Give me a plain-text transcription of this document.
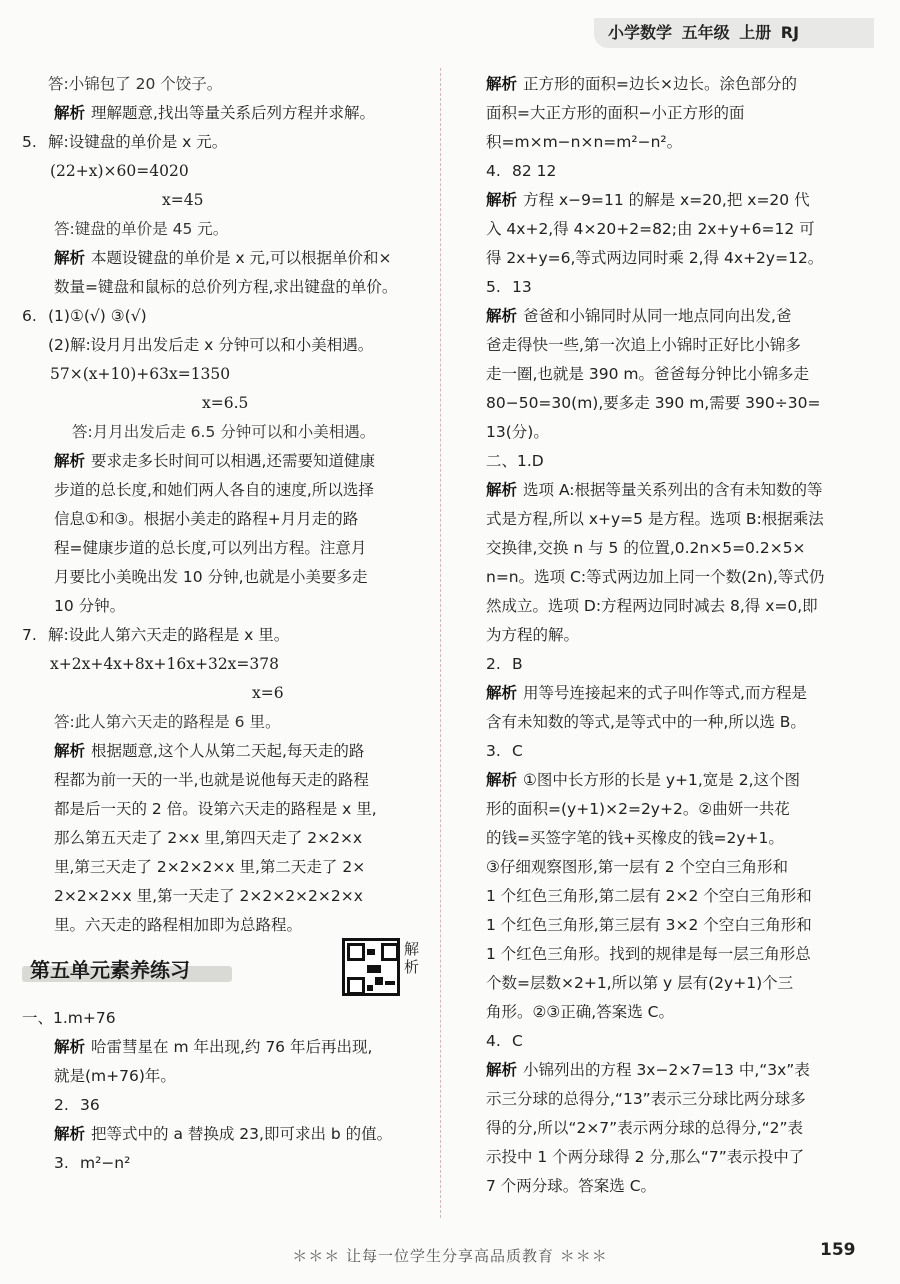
小学数学 五年级 上册 RJ
答:小锦包了 20 个饺子。
解析 理解题意,找出等量关系后列方程并求解。
5. 解:设键盘的单价是 x 元。
(22+x)×60=4020
x=45
答:键盘的单价是 45 元。
解析 本题设键盘的单价是 x 元,可以根据单价和×
数量=键盘和鼠标的总价列方程,求出键盘的单价。
6. (1)①(√) ③(√)
(2)解:设月月出发后走 x 分钟可以和小美相遇。
57×(x+10)+63x=1350
x=6.5
答:月月出发后走 6.5 分钟可以和小美相遇。
解析 要求走多长时间可以相遇,还需要知道健康
步道的总长度,和她们两人各自的速度,所以选择
信息①和③。根据小美走的路程+月月走的路
程=健康步道的总长度,可以列出方程。注意月
月要比小美晚出发 10 分钟,也就是小美要多走
10 分钟。
7. 解:设此人第六天走的路程是 x 里。
x+2x+4x+8x+16x+32x=378
x=6
答:此人第六天走的路程是 6 里。
解析 根据题意,这个人从第二天起,每天走的路
程都为前一天的一半,也就是说他每天走的路程
都是后一天的 2 倍。设第六天走的路程是 x 里,
那么第五天走了 2×x 里,第四天走了 2×2×x
里,第三天走了 2×2×2×x 里,第二天走了 2×
2×2×2×x 里,第一天走了 2×2×2×2×2×x
里。六天走的路程相加即为总路程。
第五单元素养练习
解析
一、1.m+76
解析 哈雷彗星在 m 年出现,约 76 年后再出现,
就是(m+76)年。
2. 36
解析 把等式中的 a 替换成 23,即可求出 b 的值。
3. m²−n²
解析 正方形的面积=边长×边长。涂色部分的
面积=大正方形的面积−小正方形的面
积=m×m−n×n=m²−n²。
4. 82 12
解析 方程 x−9=11 的解是 x=20,把 x=20 代
入 4x+2,得 4×20+2=82;由 2x+y+6=12 可
得 2x+y=6,等式两边同时乘 2,得 4x+2y=12。
5. 13
解析 爸爸和小锦同时从同一地点同向出发,爸
爸走得快一些,第一次追上小锦时正好比小锦多
走一圈,也就是 390 m。爸爸每分钟比小锦多走
80−50=30(m),要多走 390 m,需要 390÷30=
13(分)。
二、1.D
解析 选项 A:根据等量关系列出的含有未知数的等
式是方程,所以 x+y=5 是方程。选项 B:根据乘法
交换律,交换 n 与 5 的位置,0.2n×5=0.2×5×
n=n。选项 C:等式两边加上同一个数(2n),等式仍
然成立。选项 D:方程两边同时减去 8,得 x=0,即
为方程的解。
2. B
解析 用等号连接起来的式子叫作等式,而方程是
含有未知数的等式,是等式中的一种,所以选 B。
3. C
解析 ①图中长方形的长是 y+1,宽是 2,这个图
形的面积=(y+1)×2=2y+2。②曲妍一共花
的钱=买签字笔的钱+买橡皮的钱=2y+1。
③仔细观察图形,第一层有 2 个空白三角形和
1 个红色三角形,第二层有 2×2 个空白三角形和
1 个红色三角形,第三层有 3×2 个空白三角形和
1 个红色三角形。找到的规律是每一层三角形总
个数=层数×2+1,所以第 y 层有(2y+1)个三
角形。②③正确,答案选 C。
4. C
解析 小锦列出的方程 3x−2×7=13 中,“3x”表
示三分球的总得分,“13”表示三分球比两分球多
得的分,所以“2×7”表示两分球的总得分,“2”表
示投中 1 个两分球得 2 分,那么“7”表示投中了
7 个两分球。答案选 C。
＊＊＊ 让每一位学生分享高品质教育 ＊＊＊	159
